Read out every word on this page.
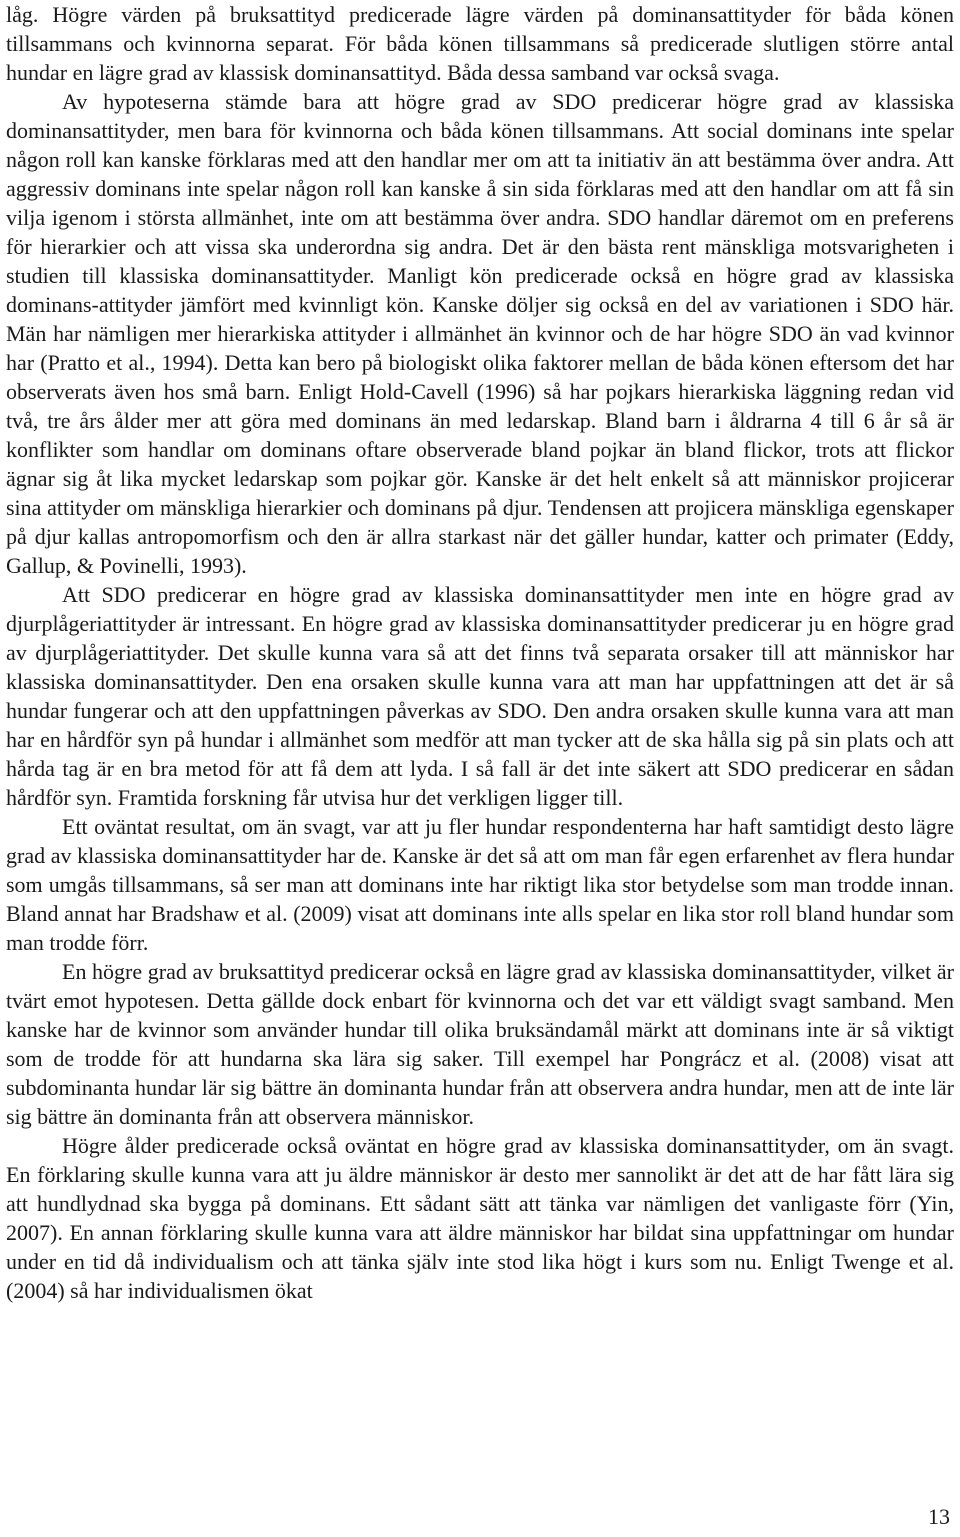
låg. Högre värden på bruksattityd predicerade lägre värden på dominansattityder för båda könen tillsammans och kvinnorna separat. För båda könen tillsammans så predicerade slutligen större antal hundar en lägre grad av klassisk dominansattityd. Båda dessa samband var också svaga.

Av hypoteserna stämde bara att högre grad av SDO predicerar högre grad av klassiska dominansattityder, men bara för kvinnorna och båda könen tillsammans. Att social dominans inte spelar någon roll kan kanske förklaras med att den handlar mer om att ta initiativ än att bestämma över andra. Att aggressiv dominans inte spelar någon roll kan kanske å sin sida förklaras med att den handlar om att få sin vilja igenom i största allmänhet, inte om att bestämma över andra. SDO handlar däremot om en preferens för hierarkier och att vissa ska underordna sig andra. Det är den bästa rent mänskliga motsvarigheten i studien till klassiska dominansattityder. Manligt kön predicerade också en högre grad av klassiska dominans-attityder jämfört med kvinnligt kön. Kanske döljer sig också en del av variationen i SDO här. Män har nämligen mer hierarkiska attityder i allmänhet än kvinnor och de har högre SDO än vad kvinnor har (Pratto et al., 1994). Detta kan bero på biologiskt olika faktorer mellan de båda könen eftersom det har observerats även hos små barn. Enligt Hold-Cavell (1996) så har pojkars hierarkiska läggning redan vid två, tre års ålder mer att göra med dominans än med ledarskap. Bland barn i åldrarna 4 till 6 år så är konflikter som handlar om dominans oftare observerade bland pojkar än bland flickor, trots att flickor ägnar sig åt lika mycket ledarskap som pojkar gör. Kanske är det helt enkelt så att människor projicerar sina attityder om mänskliga hierarkier och dominans på djur. Tendensen att projicera mänskliga egenskaper på djur kallas antropomorfism och den är allra starkast när det gäller hundar, katter och primater (Eddy, Gallup, & Povinelli, 1993).

Att SDO predicerar en högre grad av klassiska dominansattityder men inte en högre grad av djurplågeriattityder är intressant. En högre grad av klassiska dominansattityder predicerar ju en högre grad av djurplågeriattityder. Det skulle kunna vara så att det finns två separata orsaker till att människor har klassiska dominansattityder. Den ena orsaken skulle kunna vara att man har uppfattningen att det är så hundar fungerar och att den uppfattningen påverkas av SDO. Den andra orsaken skulle kunna vara att man har en hårdför syn på hundar i allmänhet som medför att man tycker att de ska hålla sig på sin plats och att hårda tag är en bra metod för att få dem att lyda. I så fall är det inte säkert att SDO predicerar en sådan hårdför syn. Framtida forskning får utvisa hur det verkligen ligger till.

Ett oväntat resultat, om än svagt, var att ju fler hundar respondenterna har haft samtidigt desto lägre grad av klassiska dominansattityder har de. Kanske är det så att om man får egen erfarenhet av flera hundar som umgås tillsammans, så ser man att dominans inte har riktigt lika stor betydelse som man trodde innan. Bland annat har Bradshaw et al. (2009) visat att dominans inte alls spelar en lika stor roll bland hundar som man trodde förr.

En högre grad av bruksattityd predicerar också en lägre grad av klassiska dominansattityder, vilket är tvärt emot hypotesen. Detta gällde dock enbart för kvinnorna och det var ett väldigt svagt samband. Men kanske har de kvinnor som använder hundar till olika bruksändamål märkt att dominans inte är så viktigt som de trodde för att hundarna ska lära sig saker. Till exempel har Pongrácz et al. (2008) visat att subdominanta hundar lär sig bättre än dominanta hundar från att observera andra hundar, men att de inte lär sig bättre än dominanta från att observera människor.

Högre ålder predicerade också oväntat en högre grad av klassiska dominansattityder, om än svagt. En förklaring skulle kunna vara att ju äldre människor är desto mer sannolikt är det att de har fått lära sig att hundlydnad ska bygga på dominans. Ett sådant sätt att tänka var nämligen det vanligaste förr (Yin, 2007). En annan förklaring skulle kunna vara att äldre människor har bildat sina uppfattningar om hundar under en tid då individualism och att tänka själv inte stod lika högt i kurs som nu. Enligt Twenge et al. (2004) så har individualismen ökat

13
